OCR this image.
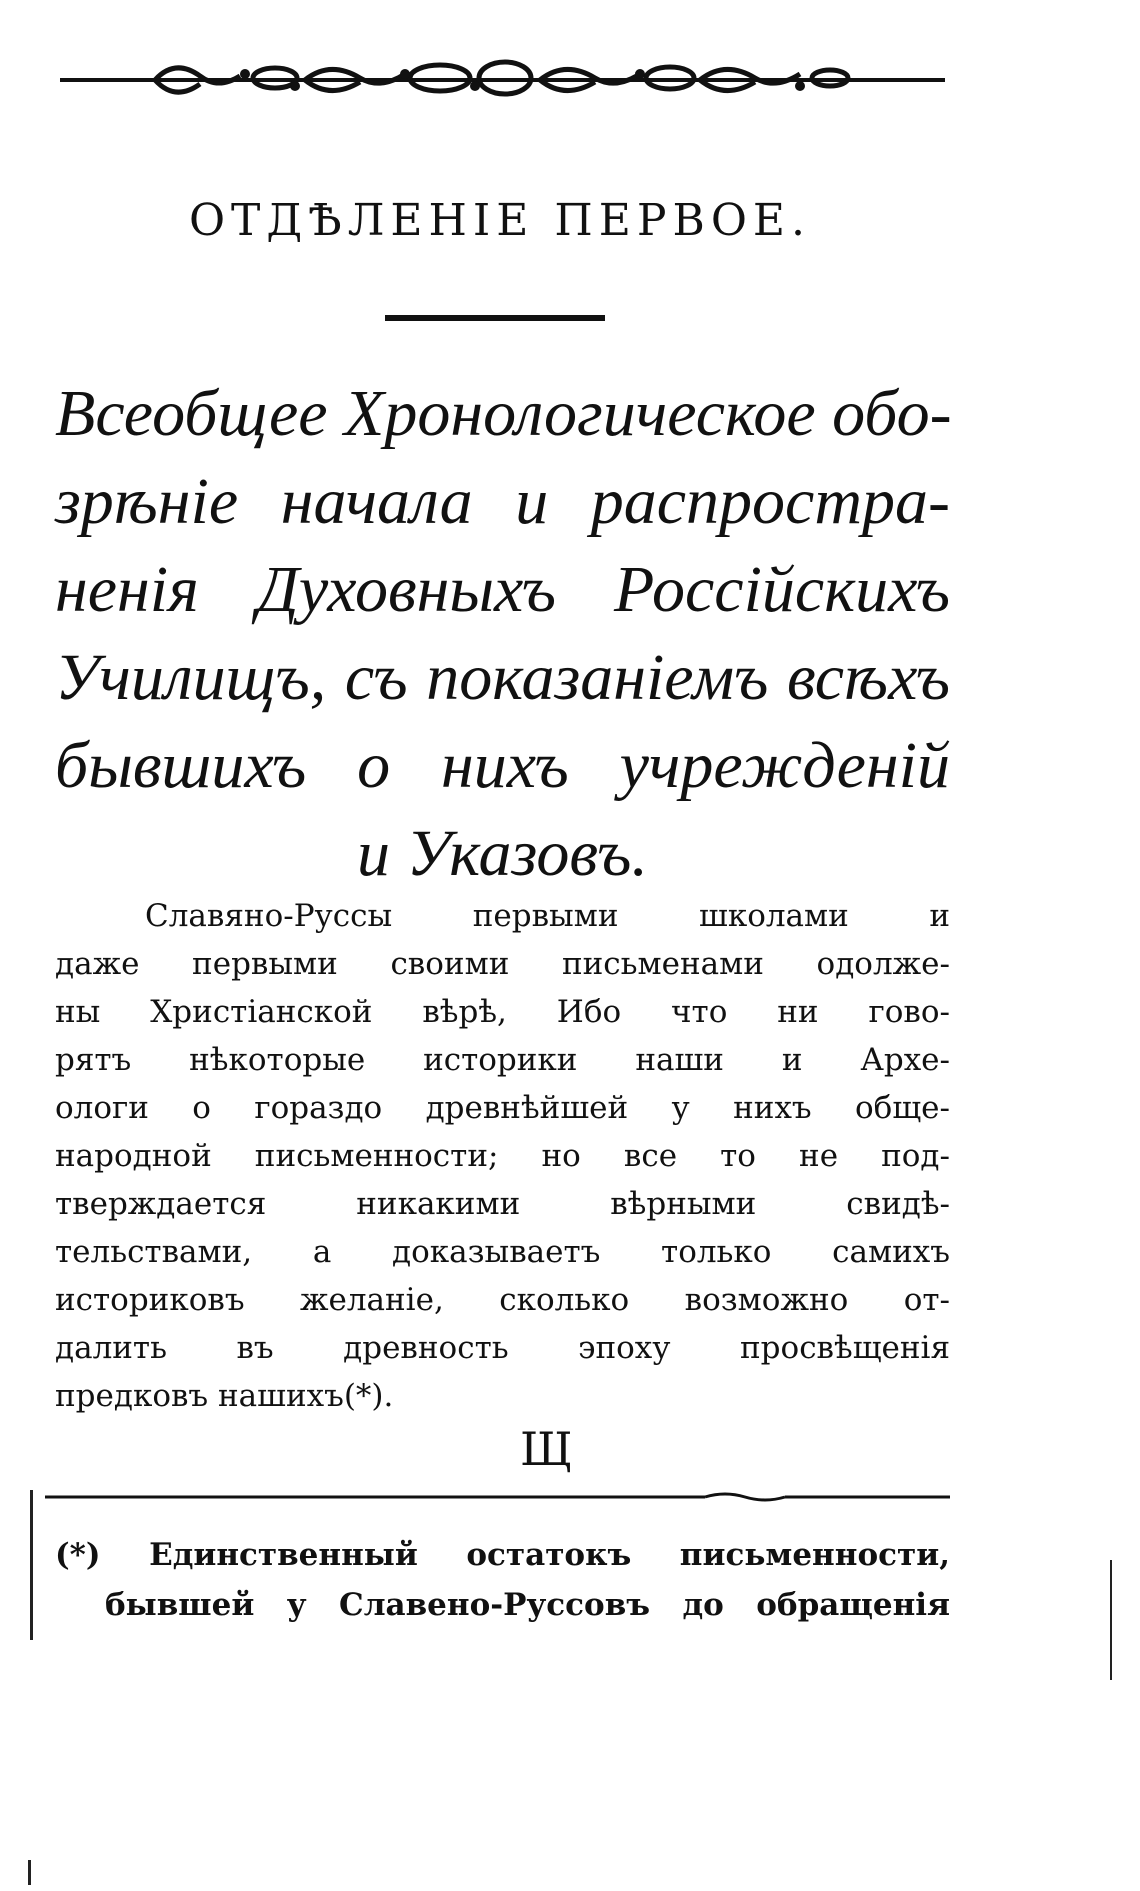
ОТДѢЛЕНІЕ ПЕРВОЕ.
Всеобщее Хронологическое обо-
зрѣніе начала и распростра-
ненія Духовныхъ Россійскихъ
Училищъ, съ показаніемъ всѣхъ
бывшихъ о нихъ учрежденій
и Указовъ.
Славяно-Руссы первыми школами и
даже первыми своими письменами одолже-
ны Христіанской вѣрѣ, Ибо что ни гово-
рятъ нѣкоторые историки наши и Архе-
ологи о гораздо древнѣйшей у нихъ обще-
народной письменности; но все то не под-
тверждается никакими вѣрными свидѣ-
тельствами, а доказываетъ только самихъ
историковъ желаніе, сколько возможно от-
далить въ древность эпоху просвѣщенія
предковъ нашихъ(*).
Щ
(*) Единственный остатокъ письменности,
бывшей у Славено-Руссовъ до обращенія
